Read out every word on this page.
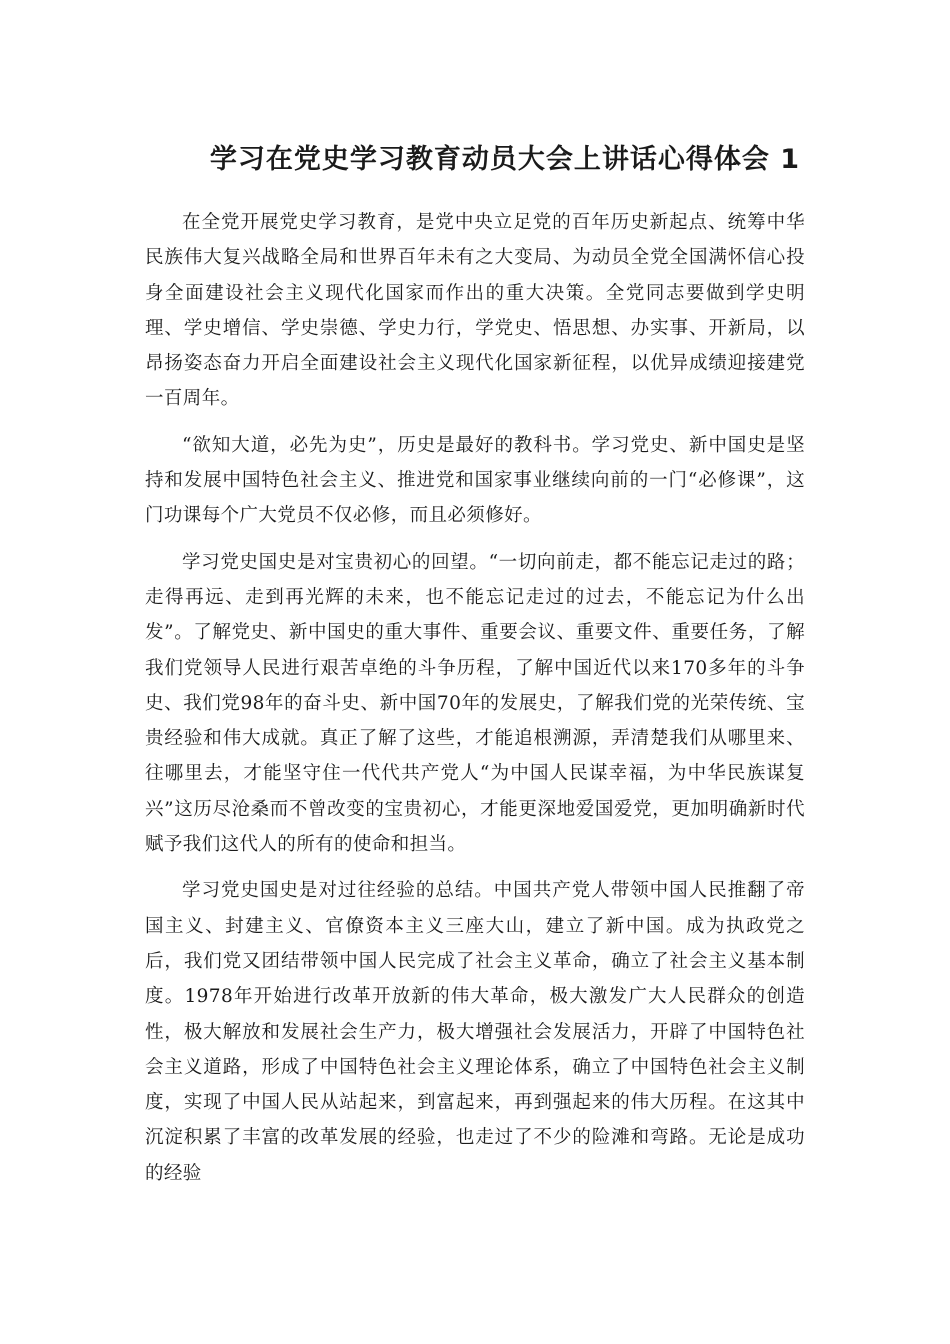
学习在党史学习教育动员大会上讲话心得体会 1

在全党开展党史学习教育，是党中央立足党的百年历史新起点、统筹中华民族伟大复兴战略全局和世界百年未有之大变局、为动员全党全国满怀信心投身全面建设社会主义现代化国家而作出的重大决策。全党同志要做到学史明理、学史增信、学史崇德、学史力行，学党史、悟思想、办实事、开新局，以昂扬姿态奋力开启全面建设社会主义现代化国家新征程，以优异成绩迎接建党一百周年。

“欲知大道，必先为史”，历史是最好的教科书。学习党史、新中国史是坚持和发展中国特色社会主义、推进党和国家事业继续向前的一门“必修课”，这门功课每个广大党员不仅必修，而且必须修好。

学习党史国史是对宝贵初心的回望。“一切向前走，都不能忘记走过的路；走得再远、走到再光辉的未来，也不能忘记走过的过去，不能忘记为什么出发”。了解党史、新中国史的重大事件、重要会议、重要文件、重要任务，了解我们党领导人民进行艰苦卓绝的斗争历程，了解中国近代以来170多年的斗争史、我们党98年的奋斗史、新中国70年的发展史，了解我们党的光荣传统、宝贵经验和伟大成就。真正了解了这些，才能追根溯源，弄清楚我们从哪里来、往哪里去，才能坚守住一代代共产党人“为中国人民谋幸福，为中华民族谋复兴”这历尽沧桑而不曾改变的宝贵初心，才能更深地爱国爱党，更加明确新时代赋予我们这代人的所有的使命和担当。

学习党史国史是对过往经验的总结。中国共产党人带领中国人民推翻了帝国主义、封建主义、官僚资本主义三座大山，建立了新中国。成为执政党之后，我们党又团结带领中国人民完成了社会主义革命，确立了社会主义基本制度。1978年开始进行改革开放新的伟大革命，极大激发广大人民群众的创造性，极大解放和发展社会生产力，极大增强社会发展活力，开辟了中国特色社会主义道路，形成了中国特色社会主义理论体系，确立了中国特色社会主义制度，实现了中国人民从站起来，到富起来，再到强起来的伟大历程。在这其中沉淀积累了丰富的改革发展的经验，也走过了不少的险滩和弯路。无论是成功的经验
